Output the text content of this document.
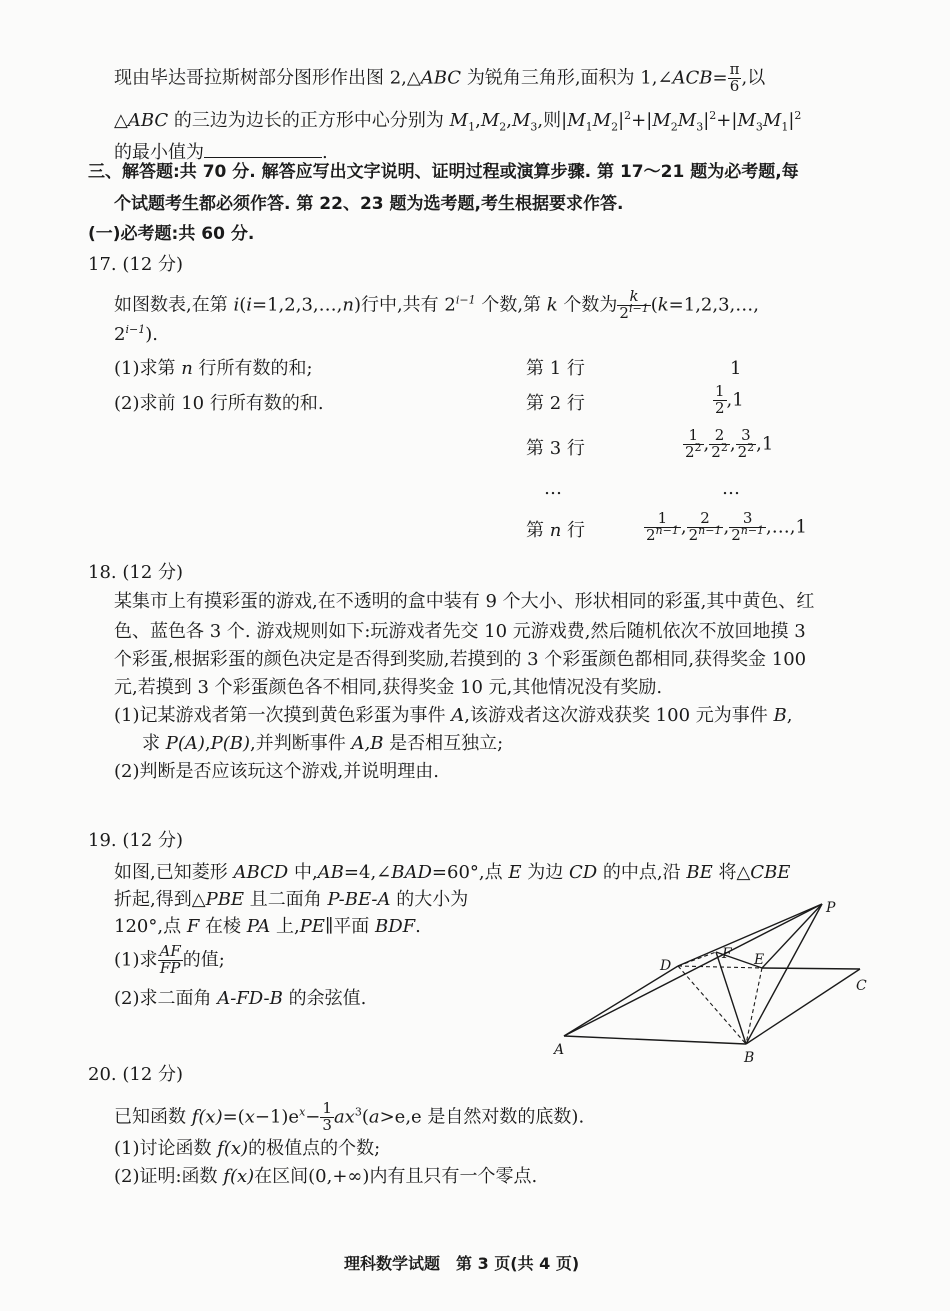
现由毕达哥拉斯树部分图形作出图 2,△ABC 为锐角三角形,面积为 1,∠ACB= $\frac{\pi}{6}$ ,以
△ABC 的三边为边长的正方形中心分别为 $M_1,M_2,M_3$,则$|M_1M_2|^2+|M_2M_3|^2+|M_3M_1|^2$
的最小值为	.
三、解答题:共 70 分. 解答应写出文字说明、证明过程或演算步骤. 第 17～21 题为必考题,每
个试题考生都必须作答. 第 22、23 题为选考题,考生根据要求作答.
(一)必考题:共 60 分.
17. (12 分)
如图数表,在第 i(i=1,2,3,…,n)行中,共有 $2^{i-1}$ 个数,第 k 个数为 $\frac{k}{2^{i-1}}$ (k=1,2,3,…,
$2^{i-1}$).
(1)求第 n 行所有数的和;
(2)求前 10 行所有数的和.
第 1 行	1
第 2 行	$\frac{1}{2} ,1$
第 3 行	$\frac{1}{2^2}$ , $\frac{2}{2^2}$ , $\frac{3}{2^2} ,1$
…	…
第 n 行	$\frac{1}{2^{n-1}}$ , $\frac{2}{2^{n-1}}$ , $\frac{3}{2^{n-1}}$ ,…,1
18. (12 分)
某集市上有摸彩蛋的游戏,在不透明的盒中装有 9 个大小、形状相同的彩蛋,其中黄色、红
色、蓝色各 3 个. 游戏规则如下:玩游戏者先交 10 元游戏费,然后随机依次不放回地摸 3
个彩蛋,根据彩蛋的颜色决定是否得到奖励,若摸到的 3 个彩蛋颜色都相同,获得奖金 100
元,若摸到 3 个彩蛋颜色各不相同,获得奖金 10 元,其他情况没有奖励.
(1)记某游戏者第一次摸到黄色彩蛋为事件 A,该游戏者这次游戏获奖 100 元为事件 B,
求 P(A),P(B),并判断事件 A,B 是否相互独立;
(2)判断是否应该玩这个游戏,并说明理由.
19. (12 分)
如图,已知菱形 ABCD 中,AB=4,∠BAD=60°,点 E 为边 CD 的中点,沿 BE 将△CBE
折起,得到△PBE 且二面角 P-BE-A 的大小为
120°,点 F 在棱 PA 上,PE∥平面 BDF.
(1)求 $\frac{AF}{FP}$ 的值;
(2)求二面角 A-FD-B 的余弦值.
P
D
F E
C
A	B
20. (12 分)
已知函数 $f(x)=(x-1)e^x- \frac{1}{3} ax^3(a>e,e$ 是自然对数的底数).
(1)讨论函数 f(x)的极值点的个数;
(2)证明:函数 f(x)在区间(0,+∞)内有且只有一个零点.
理科数学试题　第 3 页(共 4 页)
